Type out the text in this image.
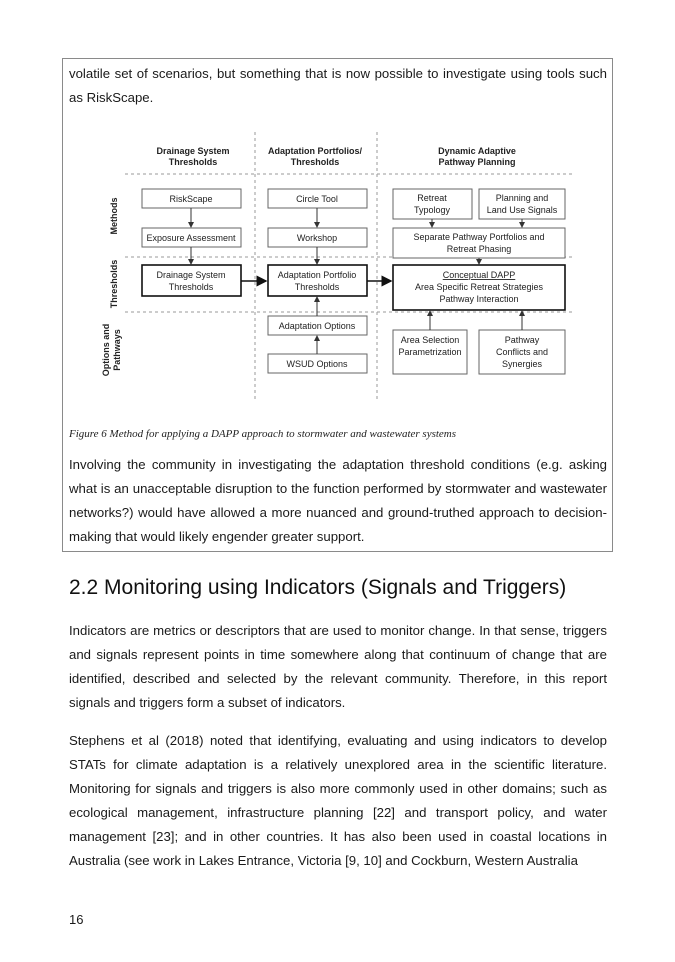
volatile set of scenarios, but something that is now possible to investigate using tools such as RiskScape.

Drainage System
Thresholds
Adaptation Portfolios/
Thresholds
Dynamic Adaptive
Pathway Planning
Methods
Thresholds
Options and Pathways
RiskScape	Circle Tool	Retreat
Typology
Planning and
Land Use Signals
Exposure Assessment	Workshop	Separate Pathway Portfolios and
Retreat Phasing
Drainage System
Thresholds
Adaptation Portfolio
Thresholds
Conceptual DAPP
Area Specific Retreat Strategies
Pathway Interaction
Adaptation Options
WSUD Options
Area Selection
Parametrization
Pathway
Conflicts and
Synergies

Figure 6 Method for applying a DAPP approach to stormwater and wastewater systems

Involving the community in investigating the adaptation threshold conditions (e.g. asking what is an unacceptable disruption to the function performed by stormwater and wastewater networks?) would have allowed a more nuanced and ground-truthed approach to decision-making that would likely engender greater support.

2.2 Monitoring using Indicators (Signals and Triggers)

Indicators are metrics or descriptors that are used to monitor change. In that sense, triggers and signals represent points in time somewhere along that continuum of change that are identified, described and selected by the relevant community. Therefore, in this report signals and triggers form a subset of indicators.

Stephens et al (2018) noted that identifying, evaluating and using indicators to develop STATs for climate adaptation is a relatively unexplored area in the scientific literature. Monitoring for signals and triggers is also more commonly used in other domains; such as ecological management, infrastructure planning [22] and transport policy, and water management [23]; and in other countries. It has also been used in coastal locations in Australia (see work in Lakes Entrance, Victoria [9, 10] and Cockburn, Western Australia

16
